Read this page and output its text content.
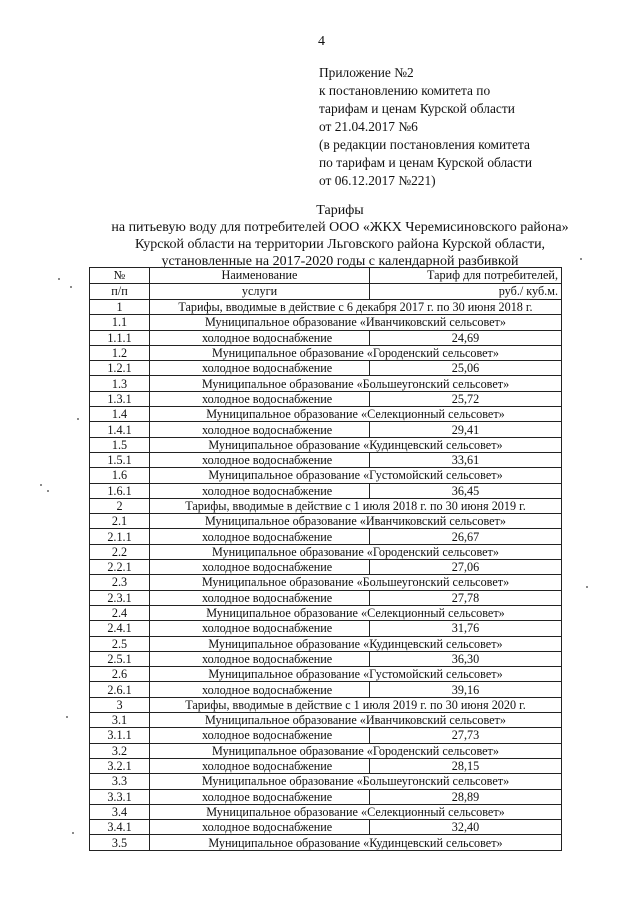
4
Приложение №2
к постановлению комитета по
тарифам и ценам Курской области
от 21.04.2017 №6
(в редакции постановления комитета
по тарифам и ценам Курской области
от 06.12.2017 №221)
Тарифы
на питьевую воду для потребителей ООО «ЖКХ Черемисиновского района»
Курской области на территории Льговского района Курской области,
установленные на 2017-2020 годы с календарной разбивкой
№	Наименование	Тариф для потребителей,
п/п	услуги	руб./ куб.м.
1	Тарифы, вводимые в действие с 6 декабря 2017 г. по 30 июня 2018 г.	
1.1	Муниципальное образование «Иванчиковский сельсовет»	
1.1.1	холодное водоснабжение	24,69
1.2	Муниципальное образование «Городенский сельсовет»	
1.2.1	холодное водоснабжение	25,06
1.3	Муниципальное образование «Большеугонский сельсовет»	
1.3.1	холодное водоснабжение	25,72
1.4	Муниципальное образование «Селекционный сельсовет»	
1.4.1	холодное водоснабжение	29,41
1.5	Муниципальное образование «Кудинцевский сельсовет»	
1.5.1	холодное водоснабжение	33,61
1.6	Муниципальное образование «Густомойский сельсовет»	
1.6.1	холодное водоснабжение	36,45
2	Тарифы, вводимые в действие с 1 июля 2018 г. по 30 июня 2019 г.	
2.1	Муниципальное образование «Иванчиковский сельсовет»	
2.1.1	холодное водоснабжение	26,67
2.2	Муниципальное образование «Городенский сельсовет»	
2.2.1	холодное водоснабжение	27,06
2.3	Муниципальное образование «Большеугонский сельсовет»	
2.3.1	холодное водоснабжение	27,78
2.4	Муниципальное образование «Селекционный сельсовет»	
2.4.1	холодное водоснабжение	31,76
2.5	Муниципальное образование «Кудинцевский сельсовет»	
2.5.1	холодное водоснабжение	36,30
2.6	Муниципальное образование «Густомойский сельсовет»	
2.6.1	холодное водоснабжение	39,16
3	Тарифы, вводимые в действие с 1 июля 2019 г. по 30 июня 2020 г.	
3.1	Муниципальное образование «Иванчиковский сельсовет»	
3.1.1	холодное водоснабжение	27,73
3.2	Муниципальное образование «Городенский сельсовет»	
3.2.1	холодное водоснабжение	28,15
3.3	Муниципальное образование «Большеугонский сельсовет»	
3.3.1	холодное водоснабжение	28,89
3.4	Муниципальное образование «Селекционный сельсовет»	
3.4.1	холодное водоснабжение	32,40
3.5	Муниципальное образование «Кудинцевский сельсовет»	
